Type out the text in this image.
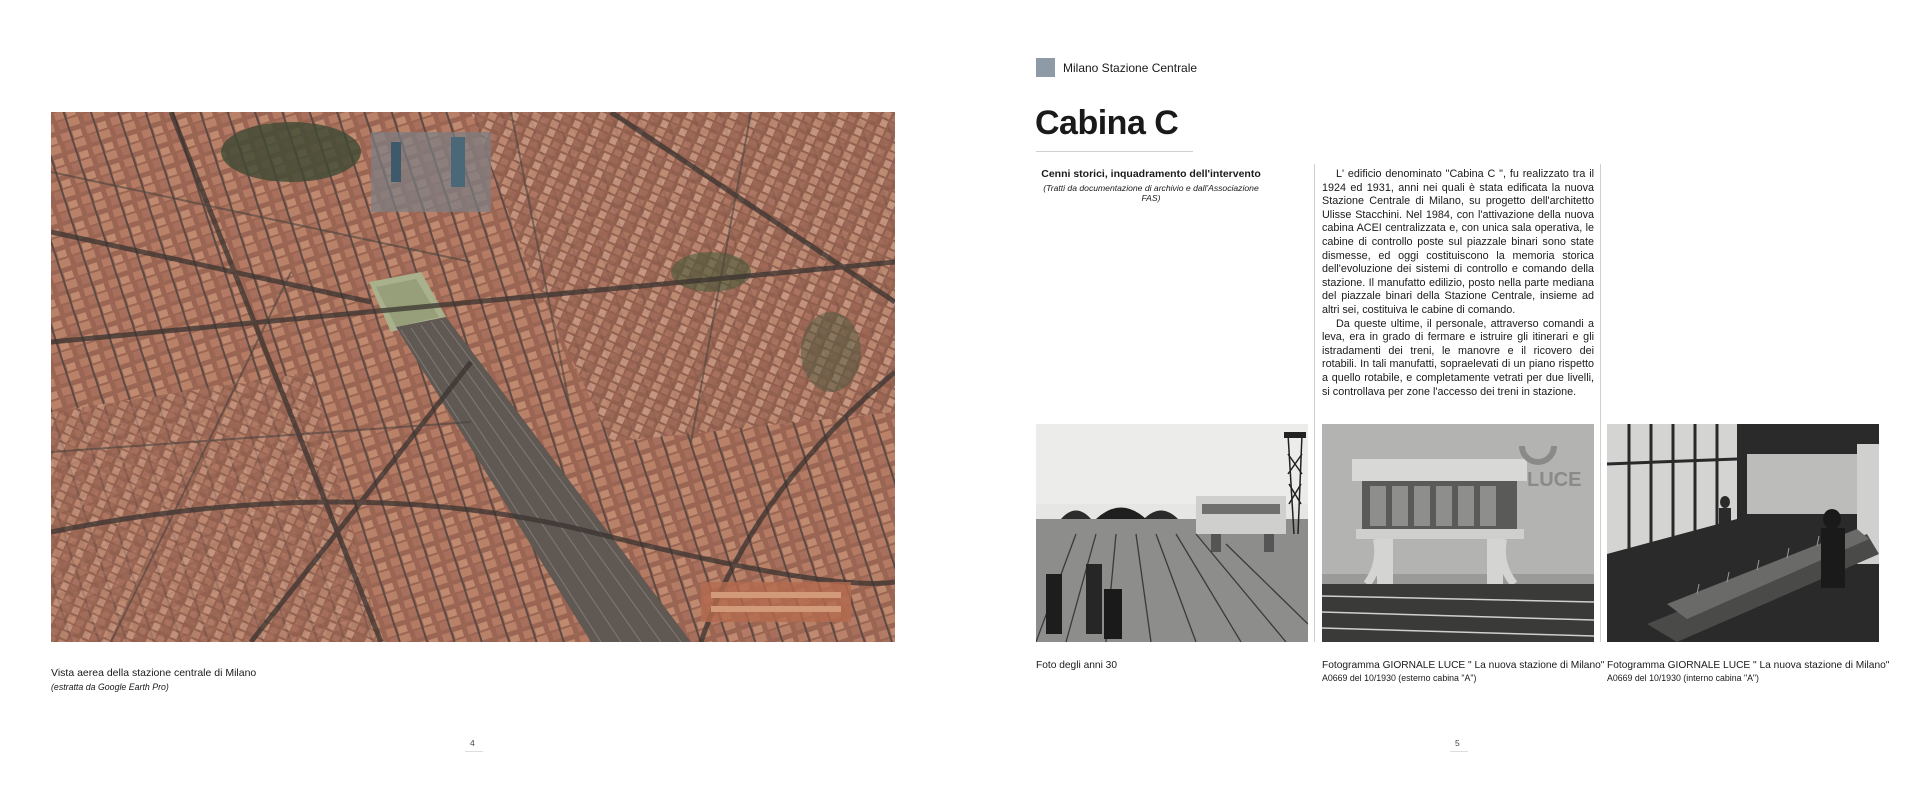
Vista aerea della stazione centrale di Milano
(estratta da Google Earth Pro)
4
Milano Stazione Centrale
Cabina C
Cenni storici, inquadramento dell'intervento
(Tratti da documentazione di archivio e dall'Associazione FAS)

L' edificio denominato "Cabina C ", fu realizzato tra il 1924 ed 1931, anni nei quali è stata edificata la nuova Stazione Centrale di Milano, su progetto dell'architetto Ulisse Stacchini. Nel 1984, con l'attivazione della nuova cabina ACEI centralizzata e, con unica sala operativa, le cabine di controllo poste sul piazzale binari sono state dismesse, ed oggi costituiscono la memoria storica dell'evoluzione dei sistemi di controllo e comando della stazione. Il manufatto edilizio, posto nella parte mediana del piazzale binari della Stazione Centrale, insieme ad altri sei, costituiva le cabine di comando.

Da queste ultime, il personale, attraverso comandi a leva, era in grado di fermare e istruire gli itinerari e gli istradamenti dei treni, le manovre e il ricovero dei rotabili. In tali manufatti, sopraelevati di un piano rispetto a quello rotabile, e completamente vetrati per due livelli, si controllava per zone l'accesso dei treni in stazione.

LUCE
Foto degli anni 30	Fotogramma GIORNALE LUCE " La nuova stazione di Milano"
A0669 del 10/1930 (esterno cabina "A")
Fotogramma GIORNALE LUCE " La nuova stazione di Milano"
A0669 del 10/1930 (interno cabina "A")
5
